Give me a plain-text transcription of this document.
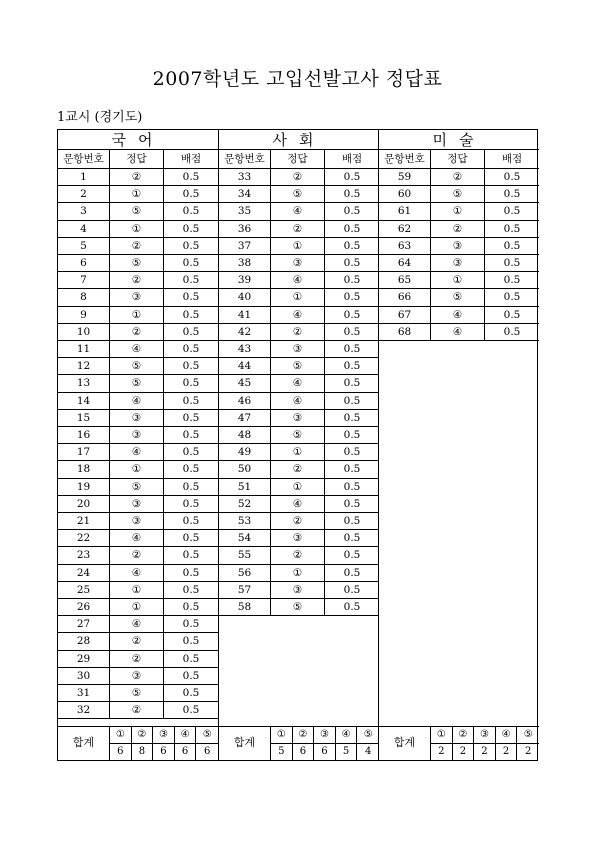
2007학년도 고입선발고사 정답표
1교시 (경기도)
국어
문항번호	정답	배점
1	②	0.5
2	①	0.5
3	⑤	0.5
4	①	0.5
5	②	0.5
6	⑤	0.5
7	②	0.5
8	③	0.5
9	①	0.5
10	②	0.5
11	④	0.5
12	⑤	0.5
13	⑤	0.5
14	④	0.5
15	③	0.5
16	③	0.5
17	④	0.5
18	①	0.5
19	⑤	0.5
20	③	0.5
21	③	0.5
22	④	0.5
23	②	0.5
24	④	0.5
25	①	0.5
26	①	0.5
27	④	0.5
28	②	0.5
29	②	0.5
30	③	0.5
31	⑤	0.5
32	②	0.5
합계
①	②	③	④	⑤
6	8	6	6	6
사회
문항번호	정답	배점
33	②	0.5
34	⑤	0.5
35	④	0.5
36	②	0.5
37	①	0.5
38	③	0.5
39	④	0.5
40	①	0.5
41	④	0.5
42	②	0.5
43	③	0.5
44	⑤	0.5
45	④	0.5
46	④	0.5
47	③	0.5
48	⑤	0.5
49	①	0.5
50	②	0.5
51	①	0.5
52	④	0.5
53	②	0.5
54	③	0.5
55	②	0.5
56	①	0.5
57	③	0.5
58	⑤	0.5
합계
①	②	③	④	⑤
5	6	6	5	4
미술
문항번호	정답	배점
59	②	0.5
60	⑤	0.5
61	①	0.5
62	②	0.5
63	③	0.5
64	③	0.5
65	①	0.5
66	⑤	0.5
67	④	0.5
68	④	0.5
합계
①	②	③	④	⑤
2	2	2	2	2
